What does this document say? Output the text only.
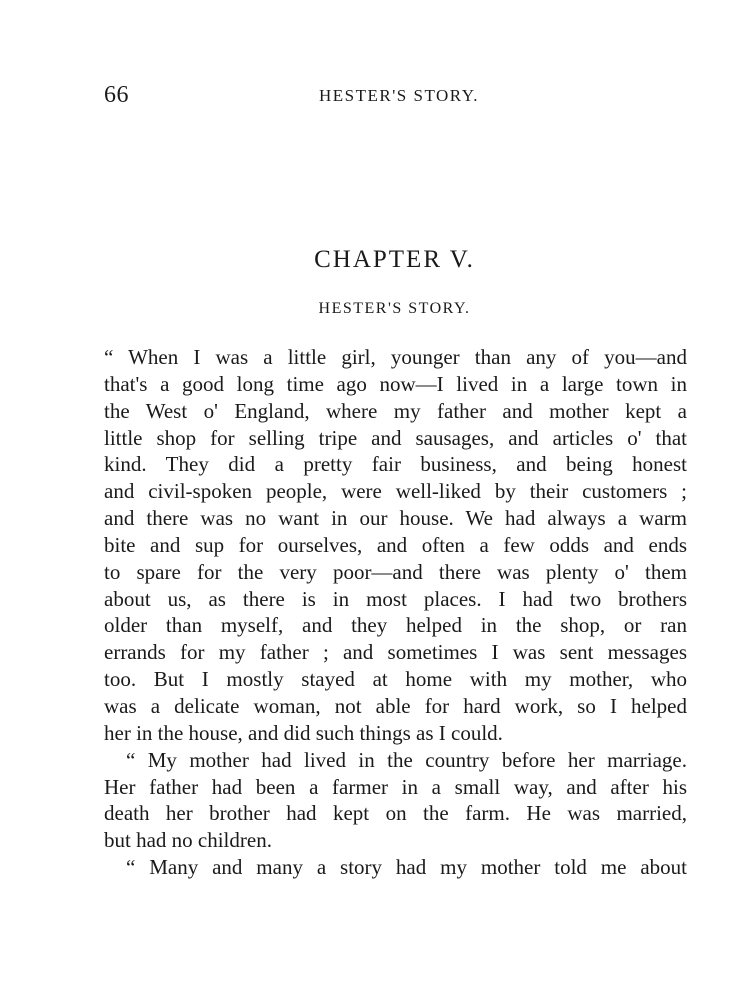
66	HESTER'S STORY.
CHAPTER V.
HESTER'S STORY.
“ When I was a little girl, younger than any of you—and
that's a good long time ago now—I lived in a large town in
the West o' England, where my father and mother kept a
little shop for selling tripe and sausages, and articles o' that
kind. They did a pretty fair business, and being honest
and civil-spoken people, were well-liked by their customers ;
and there was no want in our house. We had always a warm
bite and sup for ourselves, and often a few odds and ends
to spare for the very poor—and there was plenty o' them
about us, as there is in most places. I had two brothers
older than myself, and they helped in the shop, or ran
errands for my father ; and sometimes I was sent messages
too. But I mostly stayed at home with my mother, who
was a delicate woman, not able for hard work, so I helped
her in the house, and did such things as I could.
“ My mother had lived in the country before her marriage.
Her father had been a farmer in a small way, and after his
death her brother had kept on the farm. He was married,
but had no children.
“ Many and many a story had my mother told me about
